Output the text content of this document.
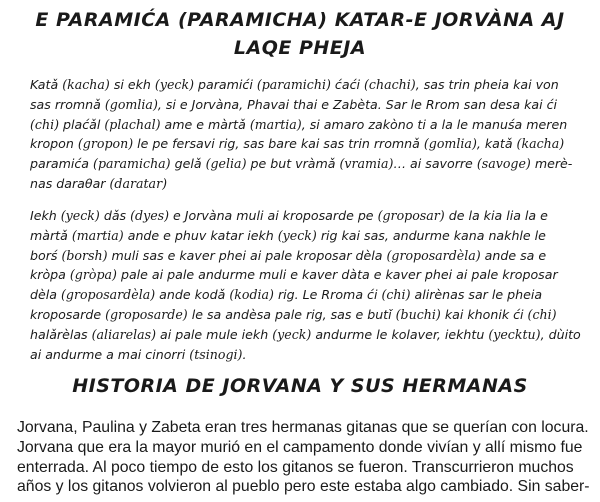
E PARAMIĆA (PARAMICHA) KATAR-E JORVÀNA AJ
LAQE PHEJA

Katǎ (kacha) si ekh (yeck) paramići (paramichi) ćaći (chachi), sas trin pheia kai von
sas rromnǎ (gomlia), si e Jorvàna, Phavai thai e Zabèta. Sar le Rrom san desa kai ći
(chi) plaćǎl (plachal) ame e màrtǎ (martia), si amaro zakòno ti a la le manuśa meren
kropon (gropon) le pe fersavi rig, sas bare kai sas trin rromnǎ (gomlia), katǎ (kacha)
paramića (paramicha) gelǎ (gelia) pe but vràmǎ (vramia)… ai savorre (savoge) merè-
nas daraθar (daratar)

Iekh (yeck) dǎs (dyes) e Jorvàna muli ai kroposarde pe (groposar) de la kia lia la e
màrtǎ (martia) ande e phuv katar iekh (yeck) rig kai sas, andurme kana nakhle le
borś (borsh) muli sas e kaver phei ai pale kroposar dèla (groposardèla) ande sa e
kròpa (gròpa) pale ai pale andurme muli e kaver dàta e kaver phei ai pale kroposar
dèla (groposardèla) ande kodǎ (kodia) rig. Le Rroma ći (chi) alirènas sar le pheia
kroposarde (groposarde) le sa andèsa pale rig, sas e butǐ (buchi) kai khonik ći (chi)
halǎrèlas (aliarelas) ai pale mule iekh (yeck) andurme le kolaver, iekhtu (yecktu), dùito
ai andurme a mai cinorri (tsinogi).

HISTORIA DE JORVANA Y SUS HERMANAS

Jorvana, Paulina y Zabeta eran tres hermanas gitanas que se querían con locura.
Jorvana que era la mayor murió en el campamento donde vivían y allí mismo fue
enterrada. Al poco tiempo de esto los gitanos se fueron. Transcurrieron muchos
años y los gitanos volvieron al pueblo pero este estaba algo cambiado. Sin saber-
